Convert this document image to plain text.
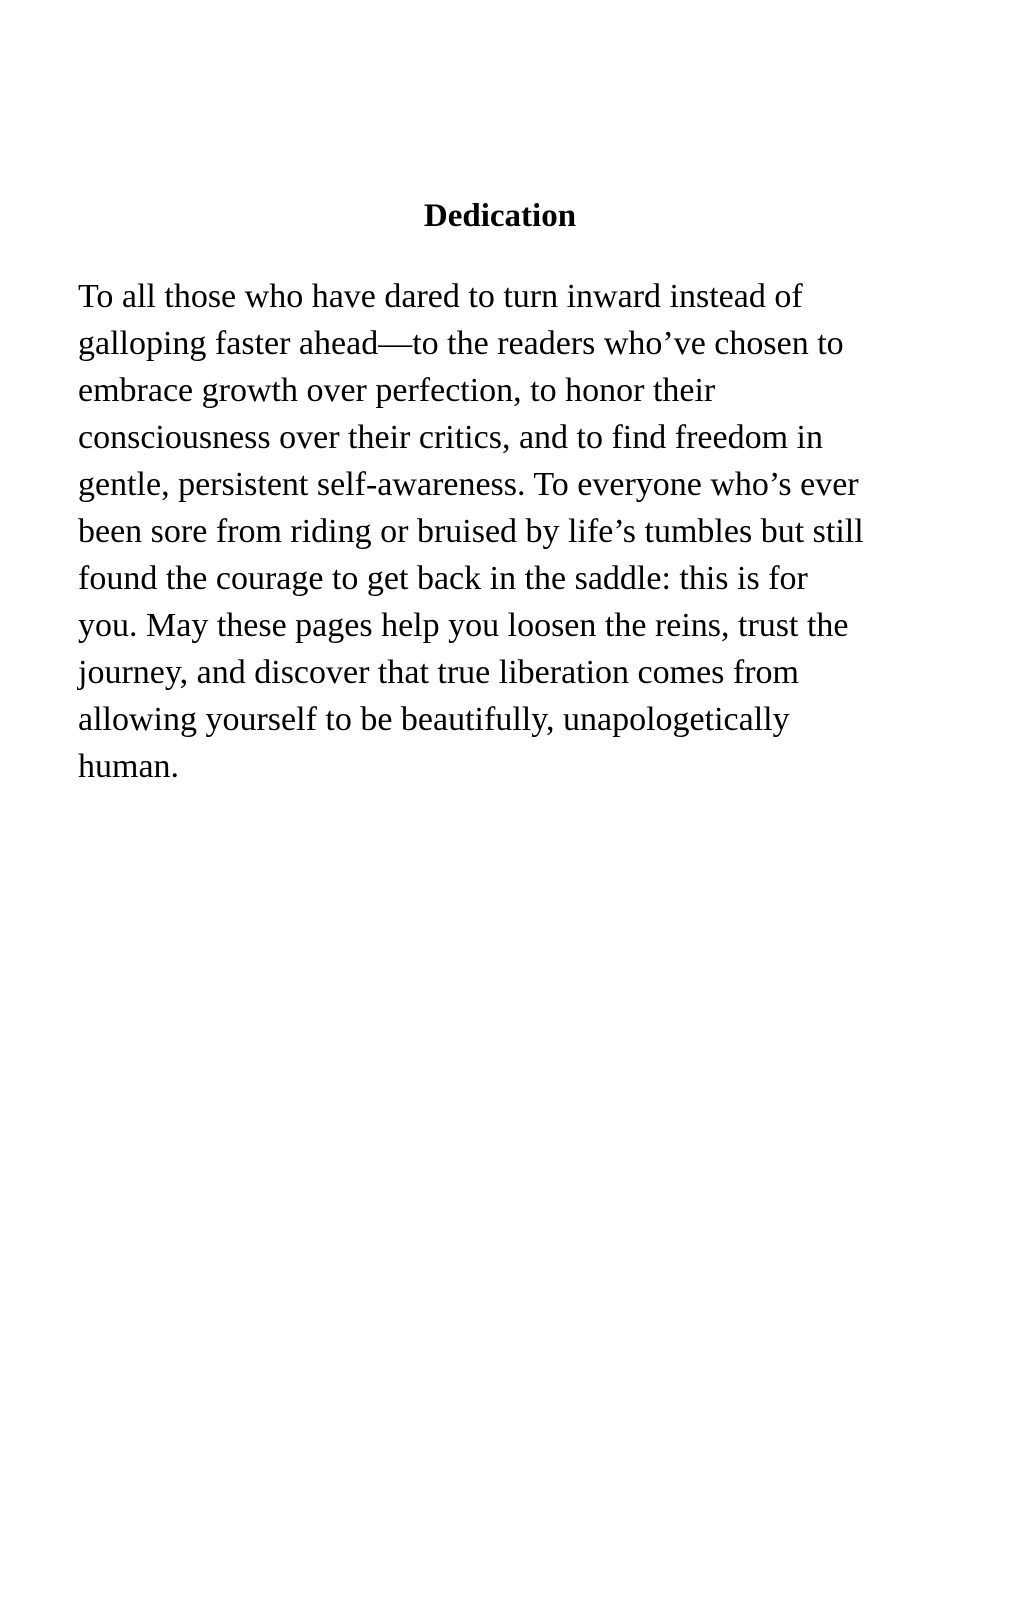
Dedication

To all those who have dared to turn inward instead of
galloping faster ahead—to the readers who’ve chosen to
embrace growth over perfection, to honor their
consciousness over their critics, and to find freedom in
gentle, persistent self-awareness. To everyone who’s ever
been sore from riding or bruised by life’s tumbles but still
found the courage to get back in the saddle: this is for
you. May these pages help you loosen the reins, trust the
journey, and discover that true liberation comes from
allowing yourself to be beautifully, unapologetically
human.
